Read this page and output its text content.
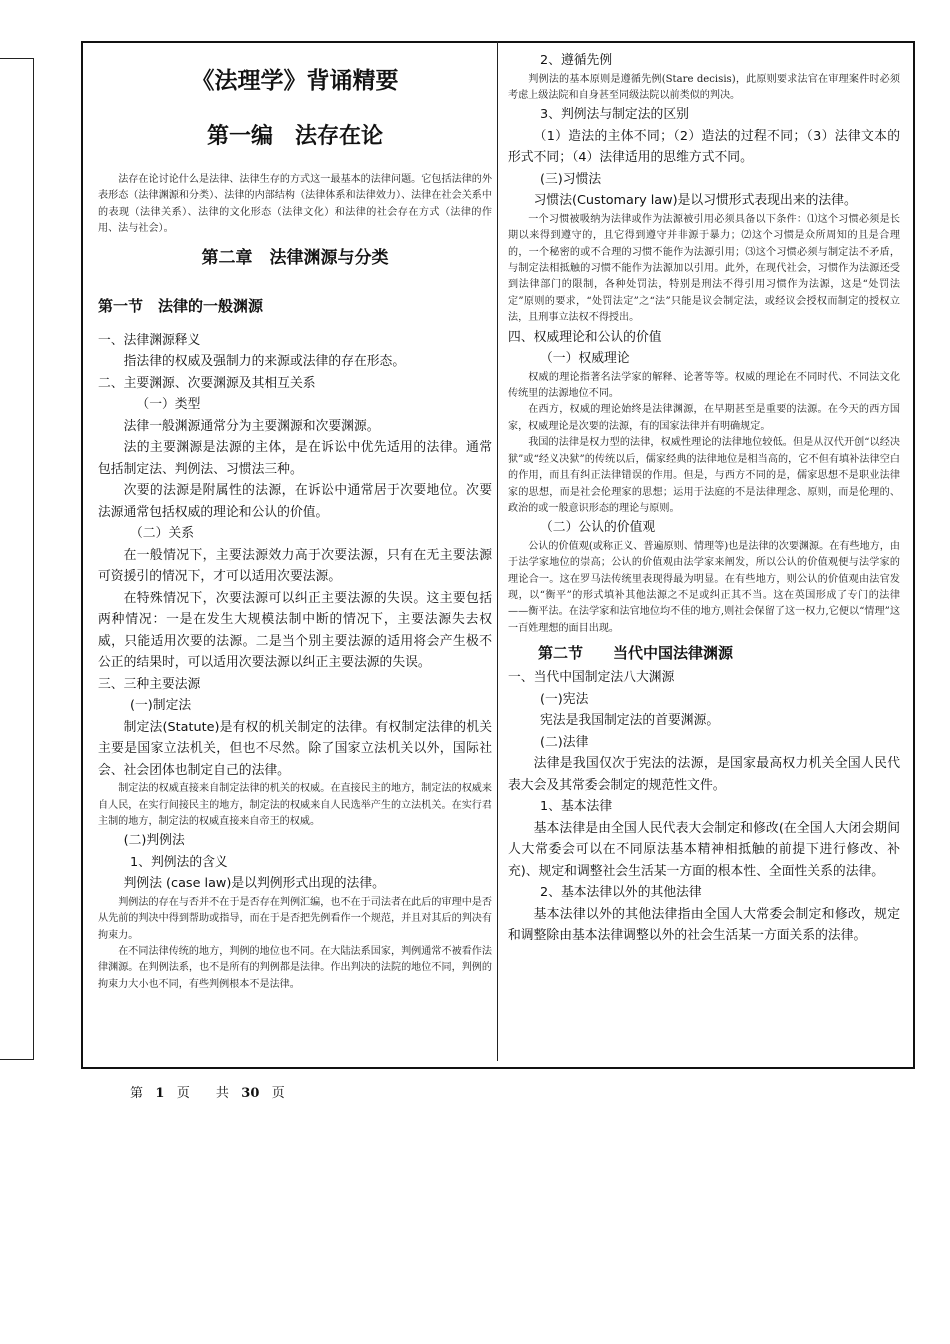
《法理学》背诵精要
第一编　法存在论

法存在论讨论什么是法律、法律生存的方式这一最基本的法律问题。它包括法律的外表形态（法律渊源和分类）、法律的内部结构（法律体系和法律效力）、法律在社会关系中的表现（法律关系）、法律的文化形态（法律文化）和法律的社会存在方式（法律的作用、法与社会）。

第二章　法律渊源与分类
第一节　法律的一般渊源

一、法律渊源释义

指法律的权威及强制力的来源或法律的存在形态。

二、主要渊源、次要渊源及其相互关系

（一）类型

法律一般渊源通常分为主要渊源和次要渊源。

法的主要渊源是法源的主体，是在诉讼中优先适用的法律。通常包括制定法、判例法、习惯法三种。

次要的法源是附属性的法源，在诉讼中通常居于次要地位。次要法源通常包括权威的理论和公认的价值。

（二）关系

在一般情况下，主要法源效力高于次要法源，只有在无主要法源可资援引的情况下，才可以适用次要法源。

在特殊情况下，次要法源可以纠正主要法源的失误。这主要包括两种情况：一是在发生大规模法制中断的情况下，主要法源失去权威，只能适用次要的法源。二是当个别主要法源的适用将会产生极不公正的结果时，可以适用次要法源以纠正主要法源的失误。

三、三种主要法源

(一)制定法

制定法(Statute)是有权的机关制定的法律。有权制定法律的机关主要是国家立法机关，但也不尽然。除了国家立法机关以外，国际社会、社会团体也制定自己的法律。

制定法的权威直接来自制定法律的机关的权威。在直接民主的地方，制定法的权威来自人民，在实行间接民主的地方，制定法的权威来自人民选举产生的立法机关。在实行君主制的地方，制定法的权威直接来自帝王的权威。

(二)判例法

1、判例法的含义

判例法 (case law)是以判例形式出现的法律。

判例法的存在与否并不在于是否存在判例汇编，也不在于司法者在此后的审理中是否从先前的判决中得到帮助或指导，而在于是否把先例看作一个规范，并且对其后的判决有拘束力。

在不同法律传统的地方，判例的地位也不同。在大陆法系国家，判例通常不被看作法律渊源。在判例法系，也不是所有的判例都是法律。作出判决的法院的地位不同，判例的拘束力大小也不同，有些判例根本不是法律。

2、遵循先例

判例法的基本原则是遵循先例(Stare decisis)，此原则要求法官在审理案件时必须考虑上级法院和自身甚至同级法院以前类似的判决。

3、判例法与制定法的区别

（1）造法的主体不同；（2）造法的过程不同；（3）法律文本的形式不同；（4）法律适用的思维方式不同。

(三)习惯法

习惯法(Customary law)是以习惯形式表现出来的法律。

一个习惯被吸纳为法律或作为法源被引用必须具备以下条件：⑴这个习惯必须是长期以来得到遵守的，且它得到遵守并非源于暴力；⑵这个习惯是众所周知的且是合理的，一个秘密的或不合理的习惯不能作为法源引用；⑶这个习惯必须与制定法不矛盾，与制定法相抵触的习惯不能作为法源加以引用。此外，在现代社会，习惯作为法源还受到法律部门的限制，各种处罚法，特别是刑法不得引用习惯作为法源，这是“处罚法定”原则的要求，“处罚法定”之“法”只能是议会制定法，或经议会授权而制定的授权立法，且刑事立法权不得授出。

四、权威理论和公认的价值

（一）权威理论

权威的理论指著名法学家的解释、论著等等。权威的理论在不同时代、不同法文化传统里的法源地位不同。

在西方，权威的理论始终是法律渊源，在早期甚至是重要的法源。在今天的西方国家，权威理论是次要的法源，有的国家法律并有明确规定。

我国的法律是权力型的法律，权威性理论的法律地位较低。但是从汉代开创“以经决狱”或“经义决狱”的传统以后，儒家经典的法律地位是相当高的，它不但有填补法律空白的作用，而且有纠正法律错误的作用。但是，与西方不同的是，儒家思想不是职业法律家的思想，而是社会伦理家的思想；运用于法庭的不是法律理念、原则，而是伦理的、政治的或一般意识形态的理论与原则。

（二）公认的价值观

公认的价值观(或称正义、普遍原则、情理等)也是法律的次要渊源。在有些地方，由于法学家地位的崇高；公认的价值观由法学家来阐发，所以公认的价值观便与法学家的理论合一。这在罗马法传统里表现得最为明显。在有些地方，则公认的价值观由法官发现，以“衡平”的形式填补其他法源之不足或纠正其不当。这在英国形成了专门的法律——衡平法。在法学家和法官地位均不佳的地方,则社会保留了这一权力,它便以“情理”这一百姓理想的面目出现。

第二节　　当代中国法律渊源

一、当代中国制定法八大渊源

(一)宪法

宪法是我国制定法的首要渊源。

(二)法律

法律是我国仅次于宪法的法源，是国家最高权力机关全国人民代表大会及其常委会制定的规范性文件。

1、基本法律

基本法律是由全国人民代表大会制定和修改(在全国人大闭会期间人大常委会可以在不同原法基本精神相抵触的前提下进行修改、补充)、规定和调整社会生活某一方面的根本性、全面性关系的法律。

2、基本法律以外的其他法律

基本法律以外的其他法律指由全国人大常委会制定和修改，规定和调整除由基本法律调整以外的社会生活某一方面关系的法律。

第 1 页　　共 30 页
